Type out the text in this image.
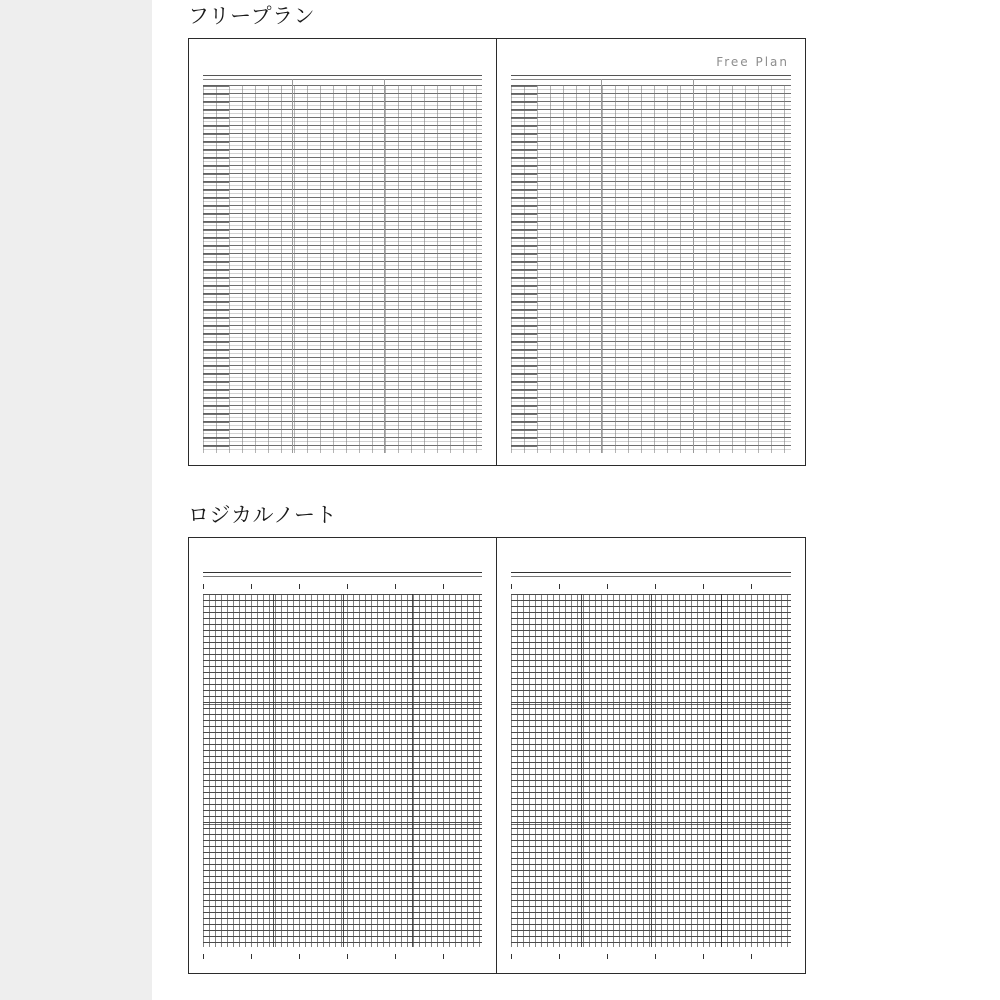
フリープラン
Free Plan
ロジカルノート
